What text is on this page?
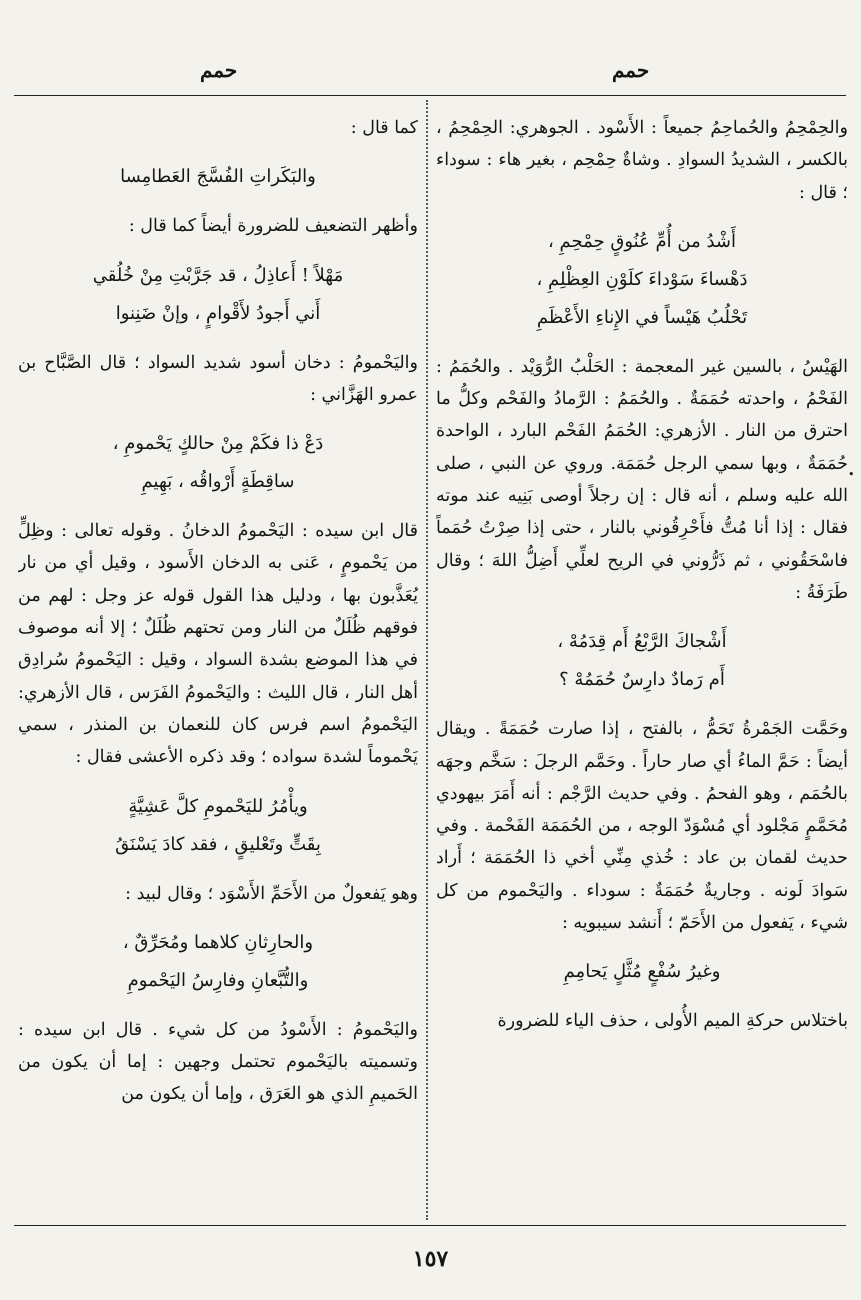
حمم
حمم

والحِمْحِمُ والحُماحِمُ جميعاً : الأَسْود . الجوهري: الحِمْحِمُ ، بالكسر ، الشديدُ السوادِ . وشاةٌ حِمْحِم ، بغير هاء : سوداء ؛ قال :

أَشْدُ من أُمِّ عُنُوقٍ حِمْحِمِ ،
دَهْساءَ سَوْداءَ كلَوْنِ العِظْلِمِ ،
تَحْلُبُ هَيْساً في الإِناءِ الأَعْظَمِ

الهَيْسُ ، بالسين غير المعجمة : الحَلْبُ الرُّوَيْد . والحُمَمُ : الفَحْمُ ، واحدته حُمَمَةٌ . والحُمَمُ : الرَّمادُ والفَحْم وكلُّ ما احترق من النار . الأزهري: الحُمَمُ الفَحْم البارد ، الواحدة حُمَمَةٌ ، وبها سمي الرجل حُمَمَة. وروي عن النبي ، صلى الله عليه وسلم ، أنه قال : إن رجلاً أوصى بَنِيه عند موته فقال : إذا أنا مُتُّ فأَحْرِقُوني بالنار ، حتى إذا صِرْتُ حُمَماً فاسْحَقُوني ، ثم ذَرُّوني في الريح لعلِّي أَضِلُّ اللهَ ؛ وقال طَرَفَةُ :

أَشْجاكَ الرَّبْعُ أَم قِدَمُهْ ،
أَم رَمادٌ دارِسٌ حُمَمُهْ ؟

وحَمَّت الجَمْرةُ تَحَمُّ ، بالفتح ، إذا صارت حُمَمَةً . ويقال أيضاً : حَمَّ الماءُ أي صار حاراً . وحَمَّم الرجلَ : سَخَّم وجهَه بالحُمَم ، وهو الفحمُ . وفي حديث الرَّجْم : أنه أَمَرَ بيهودي مُحَمَّمٍ مَجْلود أي مُسْوَدّ الوجه ، من الحُمَمَة الفَحْمة . وفي حديث لقمان بن عاد : خُذي مِنِّي أخي ذا الحُمَمَة ؛ أَراد سَوادَ لَونه . وجاريةٌ حُمَمَةٌ : سوداء . واليَحْموم من كل شيء ، يَفعول من الأَحَمّ ؛ أَنشد سيبويه :

وغيرُ سُفْعٍ مُثَّلٍ يَحامِمِ

باختلاس حركةِ الميم الأُولى ، حذف الياء للضرورة

كما قال :

والبَكَراتِ الفُسَّجَ العَطامِسا

وأظهر التضعيف للضرورة أيضاً كما قال :

مَهْلاً ! أَعاذِلُ ، قد جَرَّبْتِ مِنْ خُلُقي
أَني أَجودُ لأَقْوامٍ ، وإنْ ضَنِنوا

واليَحْمومُ : دخان أسود شديد السواد ؛ قال الصَّبَّاح بن عمرو الهَزَّاني :

دَعْ ذا فكَمْ مِنْ حالكٍ يَحْمومِ ،
ساقِطَةٍ أَرْواقُه ، بَهِيمِ

قال ابن سيده : اليَحْمومُ الدخانُ . وقوله تعالى : وظِلٍّ من يَحْمومٍ ، عَنى به الدخان الأَسود ، وقيل أي من نار يُعَذَّبون بها ، ودليل هذا القول قوله عز وجل : لهم من فوقهم ظُلَلٌ من النار ومن تحتهم ظُلَلٌ ؛ إلا أنه موصوف في هذا الموضع بشدة السواد ، وقيل : اليَحْمومُ سُرادِق أهل النار ، قال الليث : واليَحْمومُ الفَرَس ، قال الأزهري: اليَحْمومُ اسم فرس كان للنعمان بن المنذر ، سمي يَحْموماً لشدة سواده ؛ وقد ذكره الأعشى فقال :

ويأْمُرُ لليَحْمومِ كلَّ عَشِيَّةٍ
بِقَتٍّ وتَعْليقٍ ، فقد كادَ يَسْنَقُ

وهو يَفعولٌ من الأَحَمِّ الأَسْوَد ؛ وقال لبيد :

والحارِثانِ كلاهما ومُحَرِّقٌ ،
والتُّبَّعانِ وفارِسُ اليَحْمومِ

واليَحْمومُ : الأَسْودُ من كل شيء . قال ابن سيده : وتسميته باليَحْموم تحتمل وجهين : إما أن يكون من الحَميمِ الذي هو العَرَق ، وإما أن يكون من

•
١٥٧
